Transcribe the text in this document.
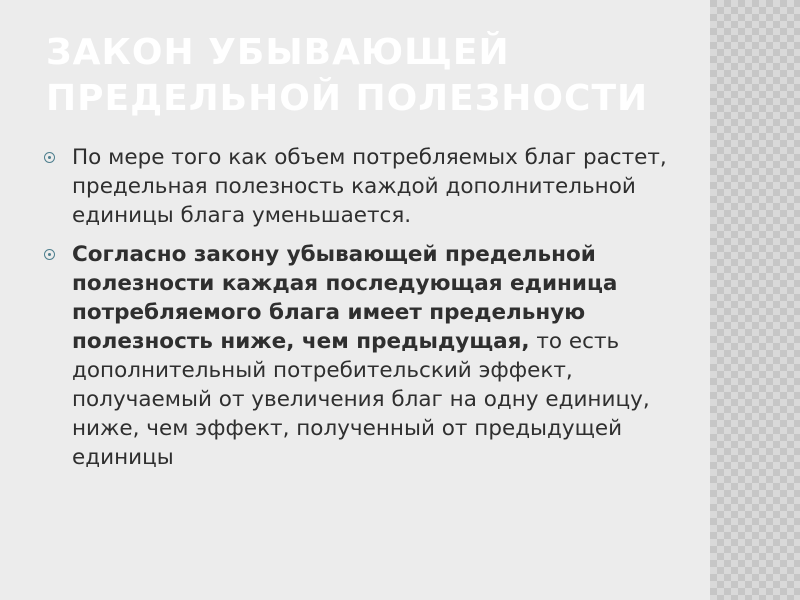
ЗАКОН УБЫВАЮЩЕЙ ПРЕДЕЛЬНОЙ ПОЛЕЗНОСТИ
По мере того как объем потребляемых благ растет, предельная полезность каждой дополнительной единицы блага уменьшается.
Согласно закону убывающей предельной полезности каждая последующая единица потребляемого блага имеет предельную полезность ниже, чем предыдущая, то есть дополнительный потребительский эффект, получаемый от увеличения благ на одну единицу, ниже, чем эффект, полученный от предыдущей единицы
